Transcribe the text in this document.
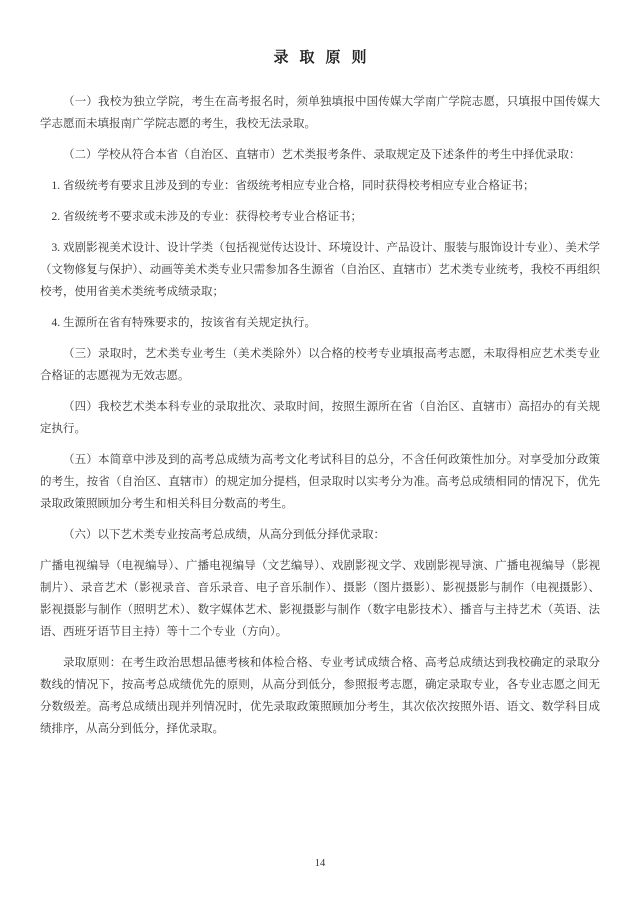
录取原则

（一）我校为独立学院，考生在高考报名时，须单独填报中国传媒大学南广学院志愿，只填报中国传媒大学志愿而未填报南广学院志愿的考生，我校无法录取。

（二）学校从符合本省（自治区、直辖市）艺术类报考条件、录取规定及下述条件的考生中择优录取：

1. 省级统考有要求且涉及到的专业：省级统考相应专业合格，同时获得校考相应专业合格证书；

2. 省级统考不要求或未涉及的专业：获得校考专业合格证书；

3. 戏剧影视美术设计、设计学类（包括视觉传达设计、环境设计、产品设计、服装与服饰设计专业）、美术学（文物修复与保护）、动画等美术类专业只需参加各生源省（自治区、直辖市）艺术类专业统考，我校不再组织校考，使用省美术类统考成绩录取；

4. 生源所在省有特殊要求的，按该省有关规定执行。

（三）录取时，艺术类专业考生（美术类除外）以合格的校考专业填报高考志愿，未取得相应艺术类专业合格证的志愿视为无效志愿。

（四）我校艺术类本科专业的录取批次、录取时间，按照生源所在省（自治区、直辖市）高招办的有关规定执行。

（五）本简章中涉及到的高考总成绩为高考文化考试科目的总分，不含任何政策性加分。对享受加分政策的考生，按省（自治区、直辖市）的规定加分提档，但录取时以实考分为准。高考总成绩相同的情况下，优先录取政策照顾加分考生和相关科目分数高的考生。

（六）以下艺术类专业按高考总成绩，从高分到低分择优录取：

广播电视编导（电视编导）、广播电视编导（文艺编导）、戏剧影视文学、戏剧影视导演、广播电视编导（影视制片）、录音艺术（影视录音、音乐录音、电子音乐制作）、摄影（图片摄影）、影视摄影与制作（电视摄影）、影视摄影与制作（照明艺术）、数字媒体艺术、影视摄影与制作（数字电影技术）、播音与主持艺术（英语、法语、西班牙语节目主持）等十二个专业（方向）。

录取原则：在考生政治思想品德考核和体检合格、专业考试成绩合格、高考总成绩达到我校确定的录取分数线的情况下，按高考总成绩优先的原则，从高分到低分，参照报考志愿，确定录取专业，各专业志愿之间无分数级差。高考总成绩出现并列情况时，优先录取政策照顾加分考生，其次依次按照外语、语文、数学科目成绩排序，从高分到低分，择优录取。

14
